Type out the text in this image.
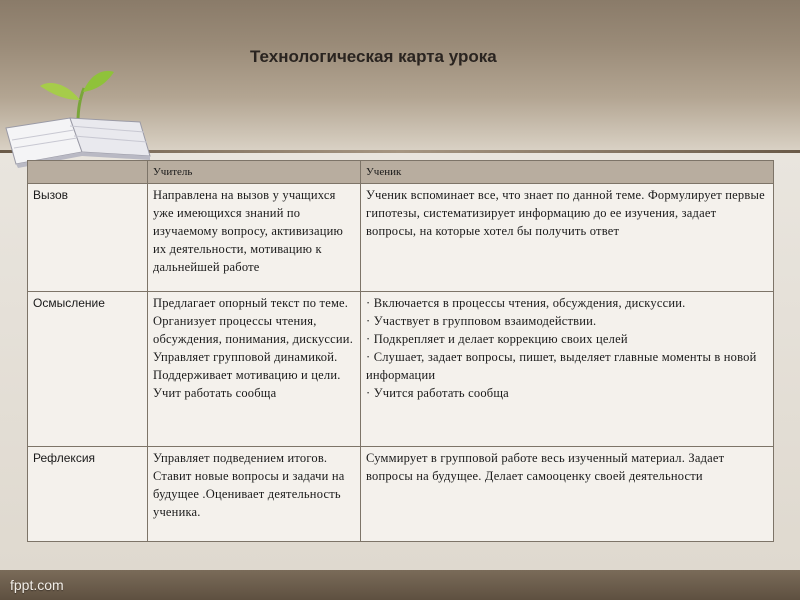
Технологическая карта урока
	Учитель	Ученик
Вызов	Направлена на вызов у учащихся уже имеющихся знаний по изучаемому вопросу, активизацию их деятельности, мотивацию к дальнейшей работе	Ученик вспоминает все, что знает по данной теме. Формулирует первые гипотезы, систематизирует информацию до ее изучения, задает вопросы, на которые хотел бы получить ответ
Осмысление	Предлагает опорный текст по теме. Организует процессы чтения, обсуждения, понимания, дискуссии. Управляет групповой динамикой. Поддерживает мотивацию и цели. Учит работать сообща	· Включается в процессы чтения, обсуждения, дискуссии.
· Участвует в групповом взаимодействии.
· Подкрепляет и делает коррекцию своих целей
· Слушает, задает вопросы, пишет, выделяет главные моменты в новой информации
· Учится работать сообща

Рефлексия	Управляет подведением итогов. Ставит новые вопросы и задачи на будущее .Оценивает деятельность ученика.	Суммирует в групповой работе весь изученный материал. Задает вопросы на будущее. Делает самооценку своей деятельности
fppt.com
